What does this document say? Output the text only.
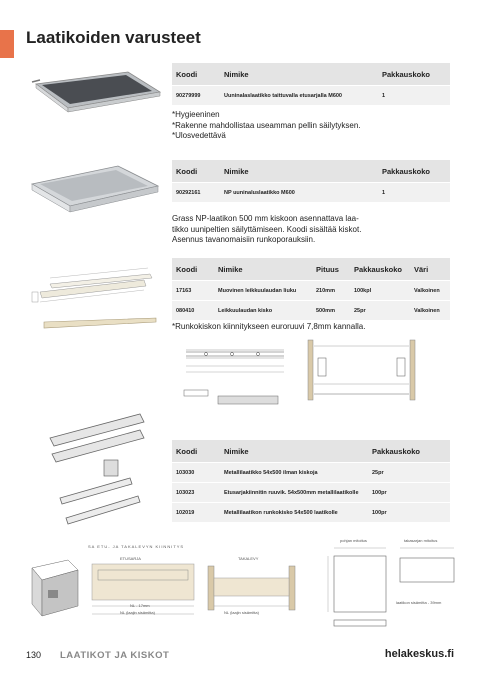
Laatikoiden varusteet
Koodi	Nimike	Pakkauskoko
90279999	Uuninalaslaatikko taittuvalla etusarjalla M600	1
*Hygieeninen
*Rakenne mahdollistaa useamman pellin säilytyksen.
*Ulosvedettävä
Koodi	Nimike	Pakkauskoko
90292161	NP uuninaluslaatikko M600	1
Grass NP-laatikon 500 mm kiskoon asennattava laa-
tikko uunipeltien säilyttämiseen. Koodi sisältää kiskot.
Asennus tavanomaisiin runkoporauksiin.
Koodi	Nimike	Pituus	Pakkauskoko	Väri
17163	Muovinen leikkuulaudan liuku	210mm	100kpl	Valkoinen
080410	Leikkuulaudan kisko	500mm	25pr	Valkoinen
*Runkokiskon kiinnitykseen euroruuvi 7,8mm kannalla.
Koodi	Nimike	Pakkauskoko
103030	Metallilaatikko 54x500 ilman kiskoja	25pr
103023	Etusarjakiinnitin ruuvik. 54x500mm metallilaatikolle	100pr
102019	Metallilaatikon runkokisko 54x500 laatikolle	100pr
SA ETU- JA TAKALEVYN KIINNITYS
ETUSARJA
NL - 17mm
NL (laajin sisämitta)
TAKALEVY
NL (laajin sisämitta)
pohjan mitoitus	takasarjan mitoitus
laatikon sisämitta - 39mm
130 LAATIKOT JA KISKOT	helakeskus.fi
